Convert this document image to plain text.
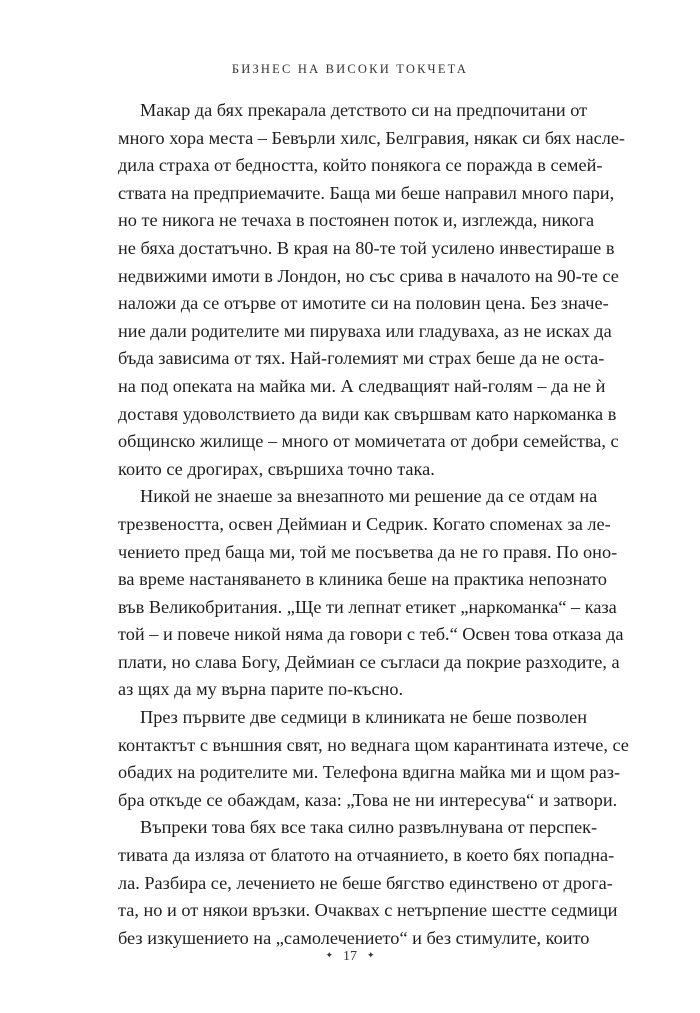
БИЗНЕС НА ВИСОКИ ТОКЧЕТА
Макар да бях прекарала детството си на предпочитани от
много хора места – Бевърли хилс, Белгравия, някак си бях насле-
дила страха от бедността, който понякога се поражда в семей-
ствата на предприемачите. Баща ми беше направил много пари,
но те никога не течаха в постоянен поток и, изглежда, никога
не бяха достатъчно. В края на 80-те той усилено инвестираше в
недвижими имоти в Лондон, но със срива в началото на 90-те се
наложи да се отърве от имотите си на половин цена. Без значе-
ние дали родителите ми пируваха или гладуваха, аз не исках да
бъда зависима от тях. Най-големият ми страх беше да не оста-
на под опеката на майка ми. А следващият най-голям – да не ѝ
доставя удоволствието да види как свършвам като наркоманка в
общинско жилище – много от момичетата от добри семейства, с
които се дрогирах, свършиха точно така.
Никой не знаеше за внезапното ми решение да се отдам на
трезвеността, освен Деймиан и Седрик. Когато споменах за ле-
чението пред баща ми, той ме посъветва да не го правя. По оно-
ва време настаняването в клиника беше на практика непознато
във Великобритания. „Ще ти лепнат етикет „наркоманка“ – каза
той – и повече никой няма да говори с теб.“ Освен това отказа да
плати, но слава Богу, Деймиан се съгласи да покрие разходите, а
аз щях да му върна парите по-късно.
През първите две седмици в клиниката не беше позволен
контактът с външния свят, но веднага щом карантината изтече, се
обадих на родителите ми. Телефона вдигна майка ми и щом раз-
бра откъде се обаждам, каза: „Това не ни интересува“ и затвори.
Въпреки това бях все така силно развълнувана от перспек-
тивата да изляза от блатото на отчаянието, в което бях попадна-
ла. Разбира се, лечението не беше бягство единствено от дрога-
та, но и от някои връзки. Очаквах с нетърпение шестте седмици
без изкушението на „самолечението“ и без стимулите, които
✦ 17 ✦
